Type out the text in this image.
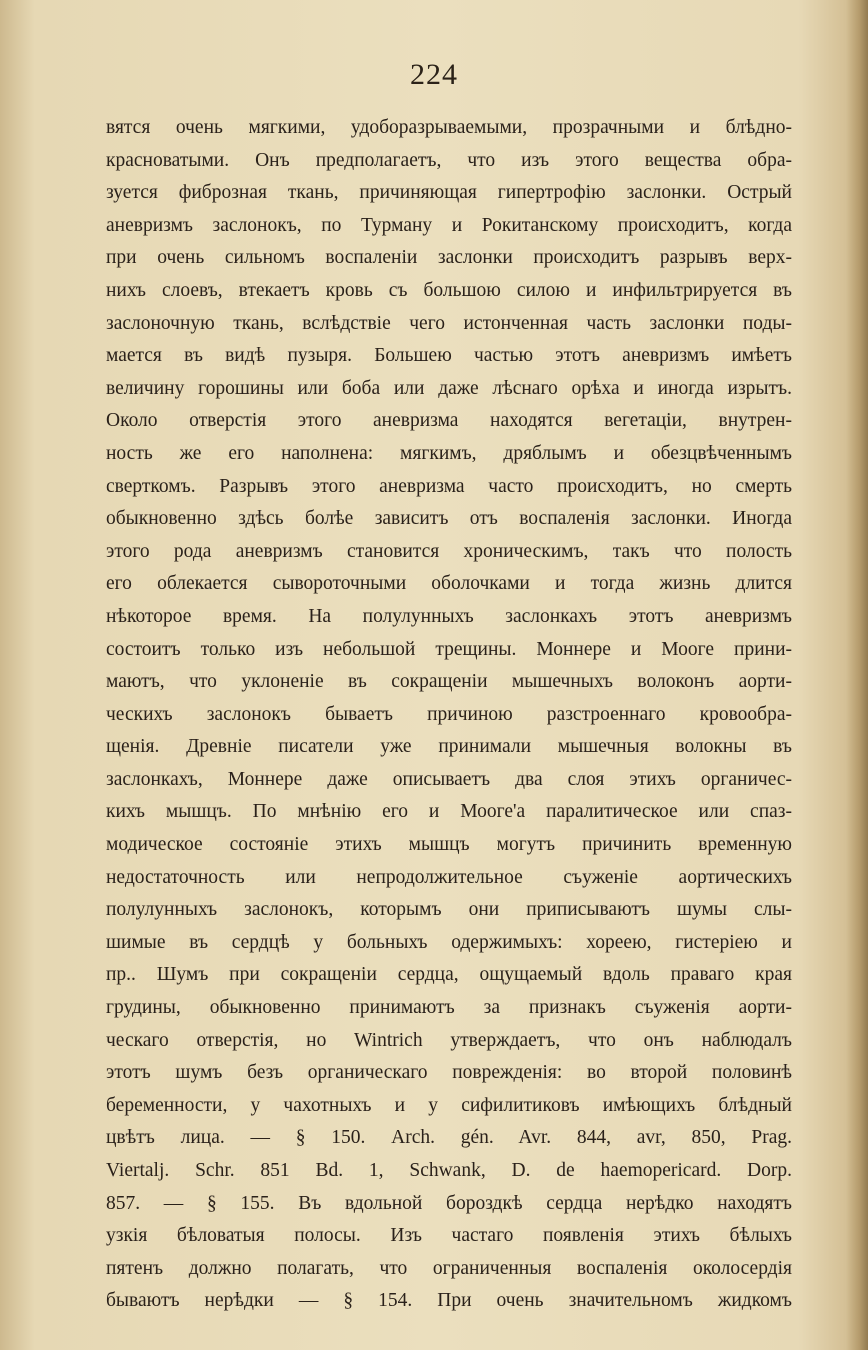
224
вятся очень мягкими, удоборазрываемыми, прозрачными и блѣдно-
красноватыми. Онъ предполагаетъ, что изъ этого вещества обра-
зуется фиброзная ткань, причиняющая гипертрофію заслонки. Острый
аневризмъ заслонокъ, по Турману и Рокитанскому происходитъ, когда
при очень сильномъ воспаленіи заслонки происходитъ разрывъ верх-
нихъ слоевъ, втекаетъ кровь съ большою силою и инфильтрируется въ
заслоночную ткань, вслѣдствіе чего истонченная часть заслонки поды-
мается въ видѣ пузыря. Большею частью этотъ аневризмъ имѣетъ
величину горошины или боба или даже лѣснаго орѣха и иногда изрытъ.
Около отверстія этого аневризма находятся вегетаціи, внутрен-
ность же его наполнена: мягкимъ, дряблымъ и обезцвѣченнымъ
сверткомъ. Разрывъ этого аневризма часто происходитъ, но смерть
обыкновенно здѣсь болѣе зависитъ отъ воспаленія заслонки. Иногда
этого рода аневризмъ становится хроническимъ, такъ что полость
его облекается сывороточными оболочками и тогда жизнь длится
нѣкоторое время. На полулунныхъ заслонкахъ этотъ аневризмъ
состоитъ только изъ небольшой трещины. Моннере и Мооге прини-
маютъ, что уклоненіе въ сокращеніи мышечныхъ волоконъ аорти-
ческихъ заслонокъ бываетъ причиною разстроеннаго кровообра-
щенія. Древніе писатели уже принимали мышечныя волокны въ
заслонкахъ, Моннере даже описываетъ два слоя этихъ органичес-
кихъ мышцъ. По мнѣнію его и Мооге'а паралитическое или спаз-
модическое состояніе этихъ мышцъ могутъ причинить временную
недостаточность или непродолжительное съуженіе аортическихъ
полулунныхъ заслонокъ, которымъ они приписываютъ шумы слы-
шимые въ сердцѣ у больныхъ одержимыхъ: хореею, гистеріею и
пр.. Шумъ при сокращеніи сердца, ощущаемый вдоль праваго края
грудины, обыкновенно принимаютъ за признакъ съуженія аорти-
ческаго отверстія, но Wintrich утверждаетъ, что онъ наблюдалъ
этотъ шумъ безъ органическаго поврежденія: во второй половинѣ
беременности, у чахотныхъ и у сифилитиковъ имѣющихъ блѣдный
цвѣтъ лица. — § 150. Arch. gén. Avr. 844, avr, 850, Prag.
Viertalj. Schr. 851 Bd. 1, Schwank, D. de haemopericard. Dorp.
857. — § 155. Въ вдольной бороздкѣ сердца нерѣдко находятъ
узкія бѣловатыя полосы. Изъ частаго появленія этихъ бѣлыхъ
пятенъ должно полагать, что ограниченныя воспаленія околосердія
бываютъ нерѣдки — § 154. При очень значительномъ жидкомъ
